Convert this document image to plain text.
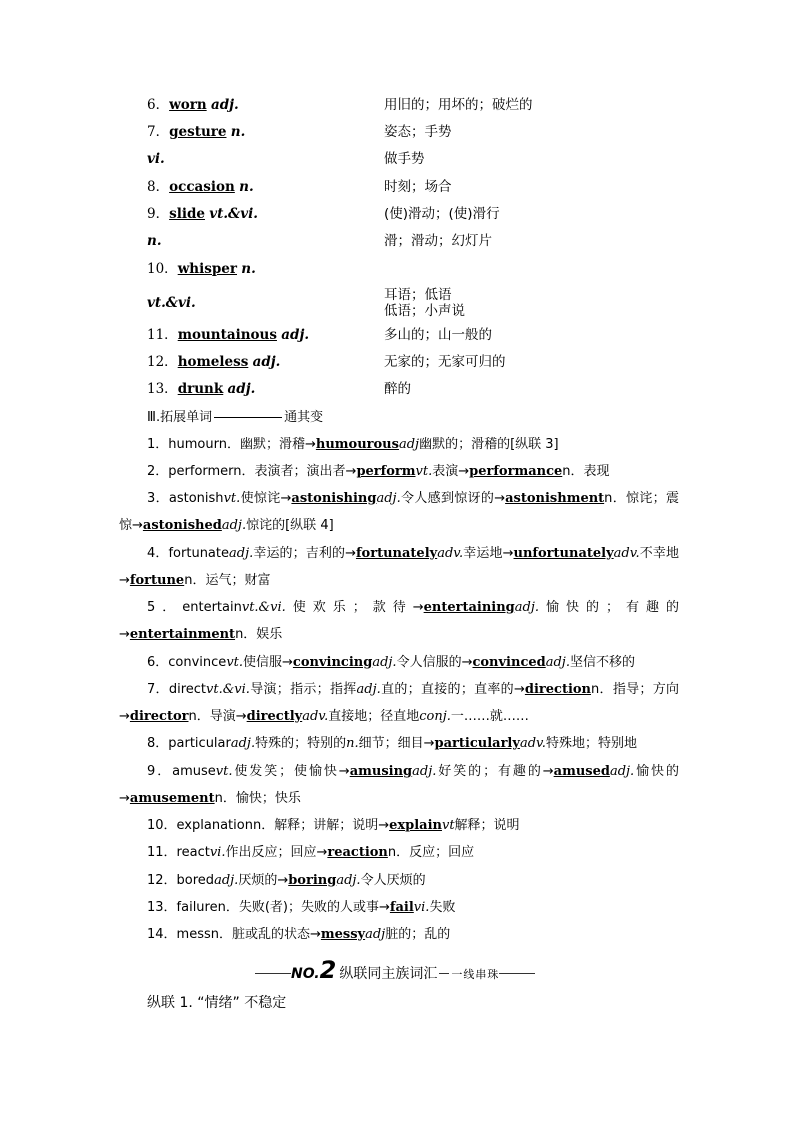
6．worn adj.	用旧的；用坏的；破烂的
7．gesture n.	姿态；手势
vi.	做手势
8．occasion n.	时刻；场合
9．slide vt.&vi.	(使)滑动；(使)滑行
n.	滑；滑动；幻灯片
10．whisper n.
vt.&vi.	耳语；低语
低语；小声说
11．mountainous adj.	多山的；山一般的
12．homeless adj.	无家的；无家可归的
13．drunk adj.	醉的
Ⅲ.拓展单词	通其变
1．humourn．幽默；滑稽→humourousadj幽默的；滑稽的[纵联 3]
2．performern．表演者；演出者→performvt.表演→performancen．表现
3．astonishvt.使惊诧→astonishingadj.令人感到惊讶的→astonishmentn．惊诧；震惊→astonishedadj.惊诧的[纵联 4]
4．fortunateadj.幸运的；吉利的→fortunatelyadv.幸运地→unfortunatelyadv.不幸地→fortunen．运气；财富
5．entertainvt.&vi.使欢乐；款待→entertainingadj.愉快的；有趣的→entertainmentn．娱乐
6．convincevt.使信服→convincingadj.令人信服的→convincedadj.坚信不移的
7．directvt.&vi.导演；指示；指挥adj.直的；直接的；直率的→directionn．指导；方向→directorn．导演→directlyadv.直接地；径直地conj.一……就……
8．particularadj.特殊的；特别的n.细节；细目→particularlyadv.特殊地；特别地
9．amusevt.使发笑；使愉快→amusingadj.好笑的；有趣的→amusedadj.愉快的→amusementn．愉快；快乐
10．explanationn．解释；讲解；说明→explainvt解释；说明
11．reactvi.作出反应；回应→reactionn．反应；回应
12．boredadj.厌烦的→boringadj.令人厌烦的
13．failuren．失败(者)；失败的人或事→failvi.失败
14．messn．脏或乱的状态→messyadj脏的；乱的
NO.2 纵联同主族词汇 一线串珠
纵联 1. “情绪” 不稳定
